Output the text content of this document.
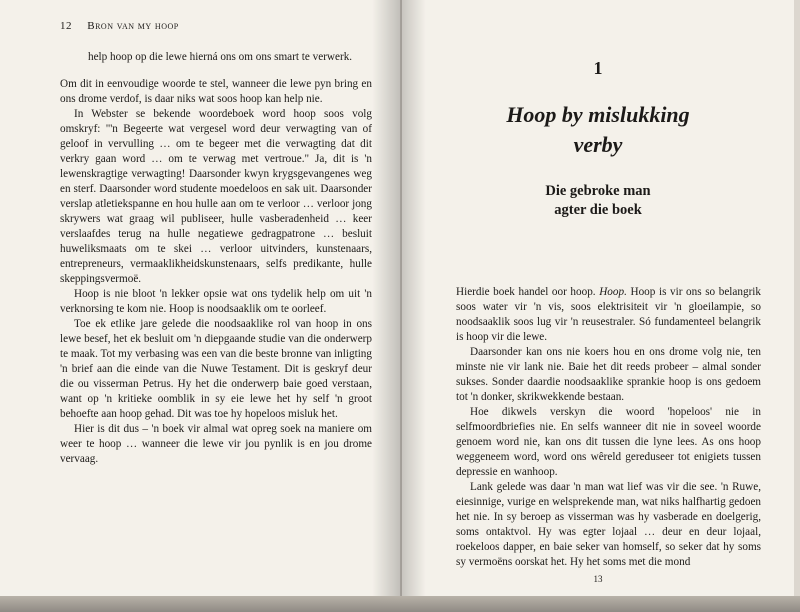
12 Bron van my hoop

help hoop op die lewe hierná ons om ons smart te verwerk.

Om dit in eenvoudige woorde te stel, wanneer die lewe pyn bring en ons drome verdof, is daar niks wat soos hoop kan help nie.

In Webster se bekende woordeboek word hoop soos volg omskryf: "'n Begeerte wat vergesel word deur verwagting van of geloof in vervulling … om te begeer met die verwagting dat dit verkry gaan word … om te verwag met vertroue." Ja, dit is 'n lewenskragtige verwagting! Daarsonder kwyn krygsgevangenes weg en sterf. Daarsonder word studente moedeloos en sak uit. Daarsonder verslap atletiekspanne en hou hulle aan om te verloor … verloor jong skrywers wat graag wil publiseer, hulle vasberadenheid … keer verslaafdes terug na hulle negatiewe gedragpatrone … besluit huweliksmaats om te skei … verloor uitvinders, kunstenaars, entrepreneurs, vermaaklikheidskunstenaars, selfs predikante, hulle skeppingsvermoë.

Hoop is nie bloot 'n lekker opsie wat ons tydelik help om uit 'n verknorsing te kom nie. Hoop is noodsaaklik om te oorleef.

Toe ek etlike jare gelede die noodsaaklike rol van hoop in ons lewe besef, het ek besluit om 'n diepgaande studie van die onderwerp te maak. Tot my verbasing was een van die beste bronne van inligting 'n brief aan die einde van die Nuwe Testament. Dit is geskryf deur die ou visserman Petrus. Hy het die onderwerp baie goed verstaan, want op 'n kritieke oomblik in sy eie lewe het hy self 'n groot behoefte aan hoop gehad. Dit was toe hy hopeloos misluk het.

Hier is dit dus – 'n boek vir almal wat opreg soek na maniere om weer te hoop … wanneer die lewe vir jou pynlik is en jou drome vervaag.

1
Hoop by mislukking
verby
Die gebroke man
agter die boek

Hierdie boek handel oor hoop. Hoop. Hoop is vir ons so belangrik soos water vir 'n vis, soos elektrisiteit vir 'n gloeilampie, so noodsaaklik soos lug vir 'n reusestraler. Só fundamenteel belangrik is hoop vir die lewe.

Daarsonder kan ons nie koers hou en ons drome volg nie, ten minste nie vir lank nie. Baie het dit reeds probeer – almal sonder sukses. Sonder daardie noodsaaklike sprankie hoop is ons gedoem tot 'n donker, skrikwekkende bestaan.

Hoe dikwels verskyn die woord 'hopeloos' nie in selfmoordbriefies nie. En selfs wanneer dit nie in soveel woorde genoem word nie, kan ons dit tussen die lyne lees. As ons hoop weggeneem word, word ons wêreld gereduseer tot enigiets tussen depressie en wanhoop.

Lank gelede was daar 'n man wat lief was vir die see. 'n Ruwe, eiesinnige, vurige en welsprekende man, wat niks halfhartig gedoen het nie. In sy beroep as visserman was hy vasberade en doelgerig, soms ontaktvol. Hy was egter lojaal … deur en deur lojaal, roekeloos dapper, en baie seker van homself, so seker dat hy soms sy vermoëns oorskat het. Hy het soms met die mond

13
